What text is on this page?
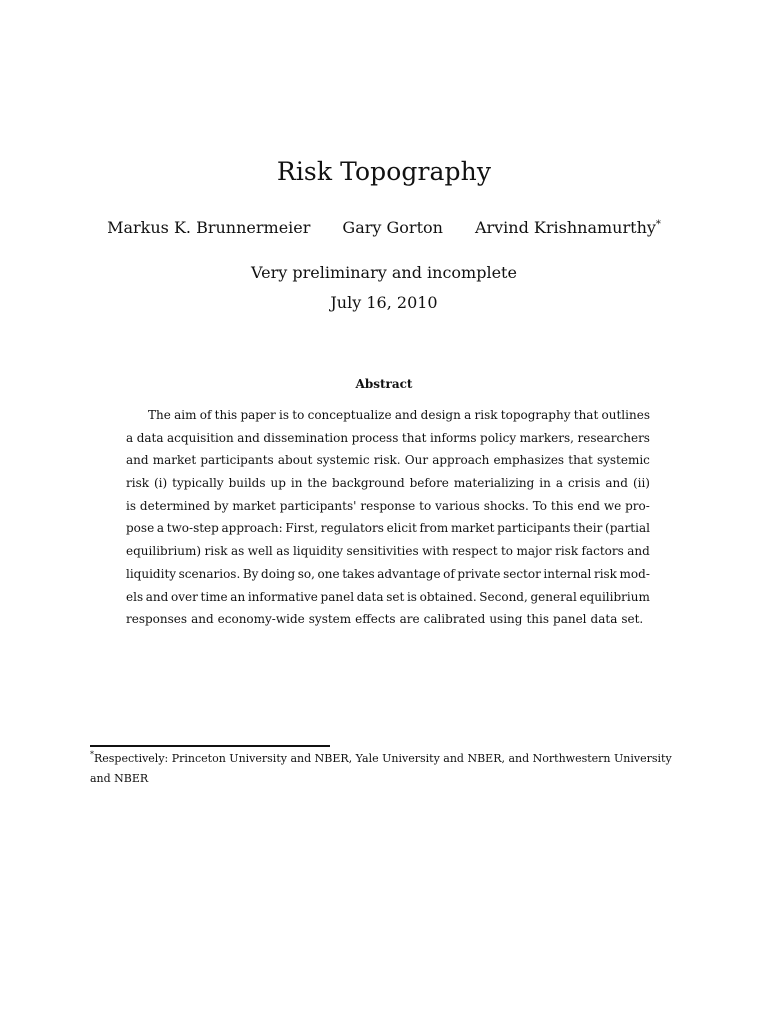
Risk Topography
Markus K. Brunnermeier Gary Gorton Arvind Krishnamurthy*
Very preliminary and incomplete
July 16, 2010
Abstract
The aim of this paper is to conceptualize and design a risk topography that outlines
a data acquisition and dissemination process that informs policy markers, researchers
and market participants about systemic risk. Our approach emphasizes that systemic
risk (i) typically builds up in the background before materializing in a crisis and (ii)
is determined by market participants' response to various shocks. To this end we pro-
pose a two-step approach: First, regulators elicit from market participants their (partial
equilibrium) risk as well as liquidity sensitivities with respect to major risk factors and
liquidity scenarios. By doing so, one takes advantage of private sector internal risk mod-
els and over time an informative panel data set is obtained. Second, general equilibrium
responses and economy-wide system effects are calibrated using this panel data set.
*Respectively: Princeton University and NBER, Yale University and NBER, and Northwestern University
and NBER
